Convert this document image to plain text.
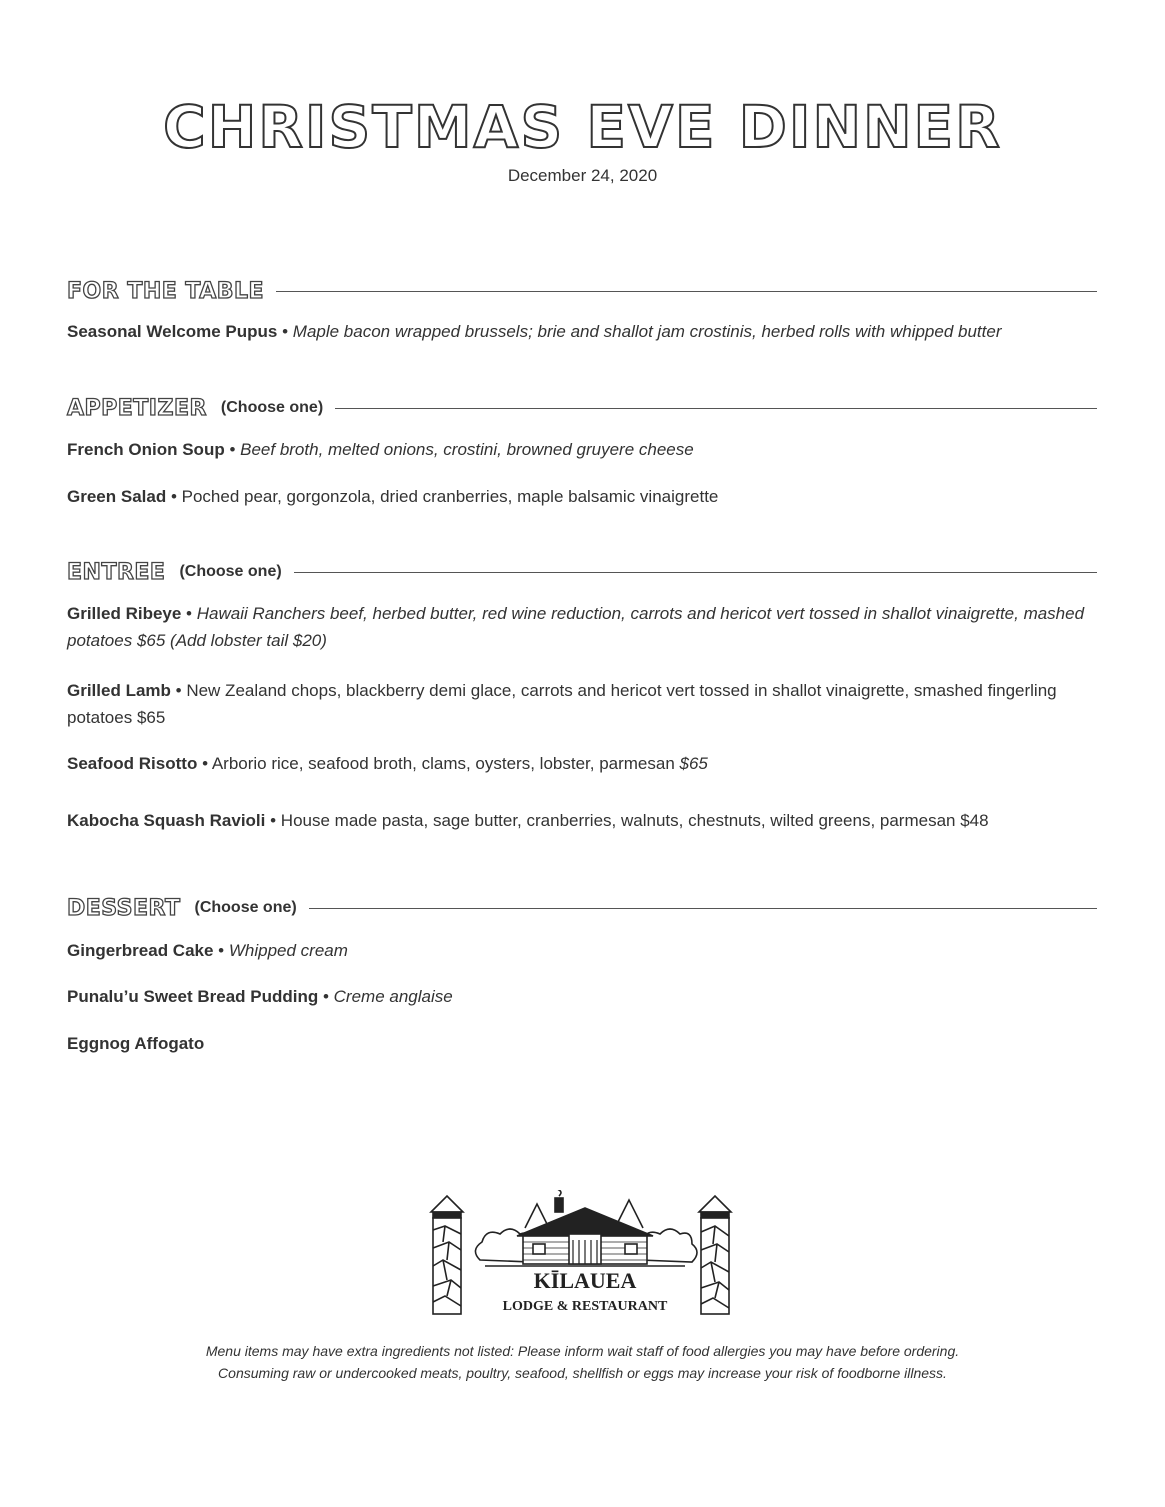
CHRISTMAS EVE DINNER
December 24, 2020
FOR THE TABLE
Seasonal Welcome Pupus • Maple bacon wrapped brussels; brie and shallot jam crostinis, herbed rolls with whipped butter
APPETIZER (Choose one)
French Onion Soup • Beef broth, melted onions, crostini, browned gruyere cheese
Green Salad • Poched pear, gorgonzola, dried cranberries, maple balsamic vinaigrette
ENTREE (Choose one)
Grilled Ribeye • Hawaii Ranchers beef, herbed butter, red wine reduction, carrots and hericot vert tossed in shallot vinaigrette, mashed potatoes $65 (Add lobster tail $20)
Grilled Lamb • New Zealand chops, blackberry demi glace, carrots and hericot vert tossed in shallot vinaigrette, smashed fingerling potatoes $65
Seafood Risotto • Arborio rice, seafood broth, clams, oysters, lobster, parmesan $65
Kabocha Squash Ravioli • House made pasta, sage butter, cranberries, walnuts, chestnuts, wilted greens, parmesan $48
DESSERT (Choose one)
Gingerbread Cake • Whipped cream
Punalu’u Sweet Bread Pudding • Creme anglaise
Eggnog Affogato
KĪLAUEA
LODGE & RESTAURANT
Menu items may have extra ingredients not listed: Please inform wait staff of food allergies you may have before ordering.
Consuming raw or undercooked meats, poultry, seafood, shellfish or eggs may increase your risk of foodborne illness.
